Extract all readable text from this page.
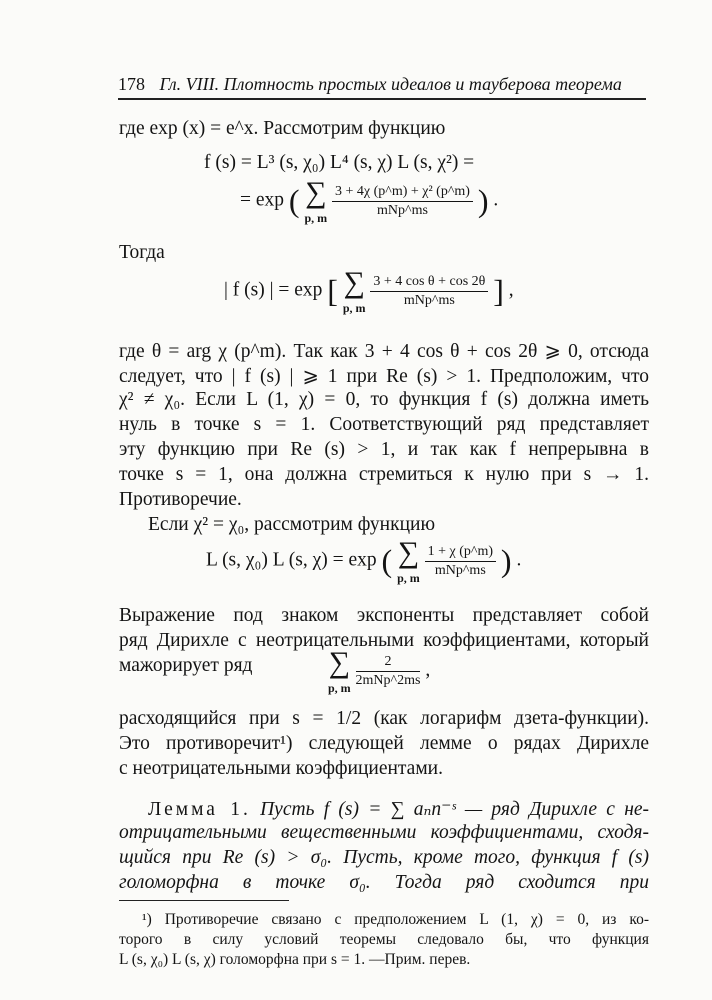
178 Гл. VIII. Плотность простых идеалов и тауберова теорема
где exp (x) = e^x. Рассмотрим функцию
f (s) = L³ (s, χ₀) L⁴ (s, χ) L (s, χ²) =
= exp ( ∑
p, m
$\frac{\text{3 + 4χ (p\textasciicircum{}m) + χ² (p\textasciicircum{}m)}}{\text{mNp\textasciicircum{}ms}}$ ) .
Тогда
| f (s) | = exp [ ∑
p, m
$\frac{\text{3 + 4 cos θ + cos 2θ}}{\text{mNp\textasciicircum{}ms}}$ ] ,
где θ = arg χ (p^m). Так как 3 + 4 cos θ + cos 2θ ⩾ 0, отсюда
следует, что | f (s) | ⩾ 1 при Re (s) > 1. Предположим, что
χ² ≠ χ₀. Если L (1, χ) = 0, то функция f (s) должна иметь
нуль в точке s = 1. Соответствующий ряд представляет
эту функцию при Re (s) > 1, и так как f непрерывна в
точке s = 1, она должна стремиться к нулю при s → 1.
Противоречие.
Если χ² = χ₀, рассмотрим функцию
L (s, χ₀) L (s, χ) = exp ( ∑
p, m
$\frac{1 + \chi (p\^{}m)}{\text{mNp\textasciicircum{}ms}}$ ) .
Выражение под знаком экспоненты представляет собой
ряд Дирихле с неотрицательными коэффициентами, который
мажорирует ряд	∑
p, m
$\frac{2}{\text{2mNp\textasciicircum{}2ms}}$ ,
расходящийся при s = 1/2 (как логарифм дзета-функции).
Это противоречит¹) следующей лемме о рядах Дирихле
с неотрицательными коэффициентами.
Лемма 1. Пусть f (s) = ∑ aₙn⁻ˢ — ряд Дирихле с не-
отрицательными вещественными коэффициентами, сходя-
щийся при Re (s) > σ₀. Пусть, кроме того, функция f (s)
голоморфна в точке σ₀. Тогда ряд сходится при
¹) Противоречие связано с предположением L (1, χ) = 0, из ко-
торого в силу условий теоремы следовало бы, что функция
L (s, χ₀) L (s, χ) голоморфна при s = 1. —Прим. перев.
